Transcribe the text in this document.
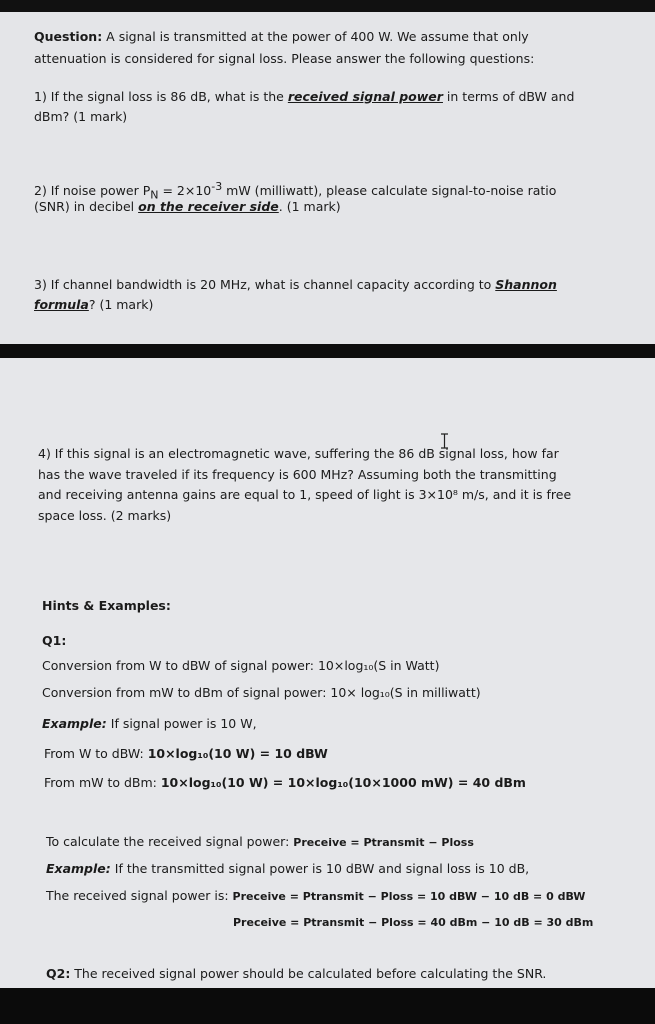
Question: A signal is transmitted at the power of 400 W. We assume that only
attenuation is considered for signal loss. Please answer the following questions:
1) If the signal loss is 86 dB, what is the received signal power in terms of dBW and
dBm? (1 mark)
2) If noise power $P_N = 2\times 10^{-3}$ mW (milliwatt), please calculate signal-to-noise ratio
(SNR) in decibel on the receiver side. (1 mark)
3) If channel bandwidth is 20 MHz, what is channel capacity according to Shannon
formula? (1 mark)
4) If this signal is an electromagnetic wave, suffering the 86 dB signal loss, how far
has the wave traveled if its frequency is 600 MHz? Assuming both the transmitting
and receiving antenna gains are equal to 1, speed of light is 3×10⁸ m/s, and it is free
space loss. (2 marks)
Hints & Examples:
Q1:
Conversion from W to dBW of signal power: 10×log₁₀(S in Watt)
Conversion from mW to dBm of signal power: 10× log₁₀(S in milliwatt)
Example: If signal power is 10 W,
From W to dBW: 10×log₁₀(10 W) = 10 dBW
From mW to dBm: 10×log₁₀(10 W) = 10×log₁₀(10×1000 mW) = 40 dBm
To calculate the received signal power: Preceive = Ptransmit − Ploss
Example: If the transmitted signal power is 10 dBW and signal loss is 10 dB,
The received signal power is: Preceive = Ptransmit − Ploss = 10 dBW − 10 dB = 0 dBW
Preceive = Ptransmit − Ploss = 40 dBm − 10 dB = 30 dBm
Q2: The received signal power should be calculated before calculating the SNR.
